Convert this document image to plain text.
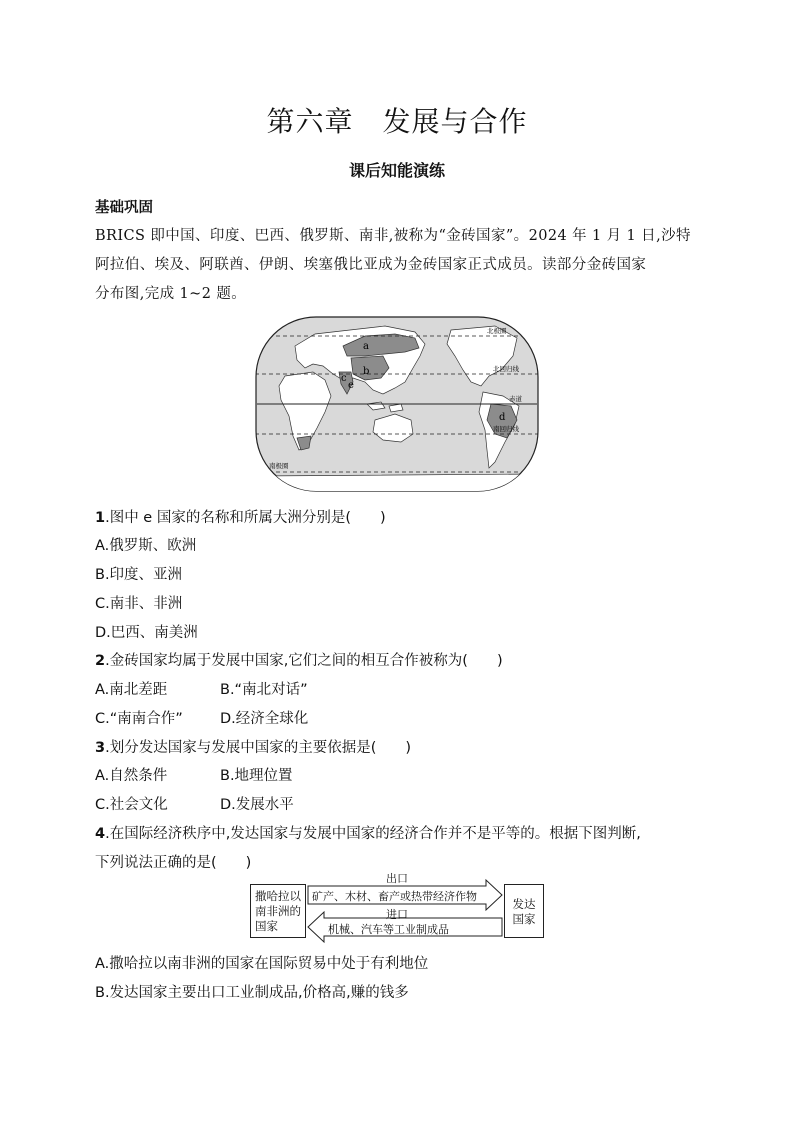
第六章　发展与合作
课后知能演练
基础巩固
BRICS 即中国、印度、巴西、俄罗斯、南非,被称为“金砖国家”。2024 年 1 月 1 日,沙特
阿拉伯、埃及、阿联酋、伊朗、埃塞俄比亚成为金砖国家正式成员。读部分金砖国家
分布图,完成 1~2 题。
a
b
c
e
d
北极圈
北回归线
赤道
南回归线
南极圈
1.图中 e 国家的名称和所属大洲分别是(　　)
A.俄罗斯、欧洲
B.印度、亚洲
C.南非、非洲
D.巴西、南美洲
2.金砖国家均属于发展中国家,它们之间的相互合作被称为(　　)
A.南北差距	B.“南北对话”
C.“南南合作”	D.经济全球化
3.划分发达国家与发展中国家的主要依据是(　　)
A.自然条件	B.地理位置
C.社会文化	D.发展水平
4.在国际经济秩序中,发达国家与发展中国家的经济合作并不是平等的。根据下图判断,
下列说法正确的是(　　)
撒哈拉以
南非洲的
国家
发达
国家
出口
矿产、木材、畜产或热带经济作物
进口
机械、汽车等工业制成品
A.撒哈拉以南非洲的国家在国际贸易中处于有利地位
B.发达国家主要出口工业制成品,价格高,赚的钱多
